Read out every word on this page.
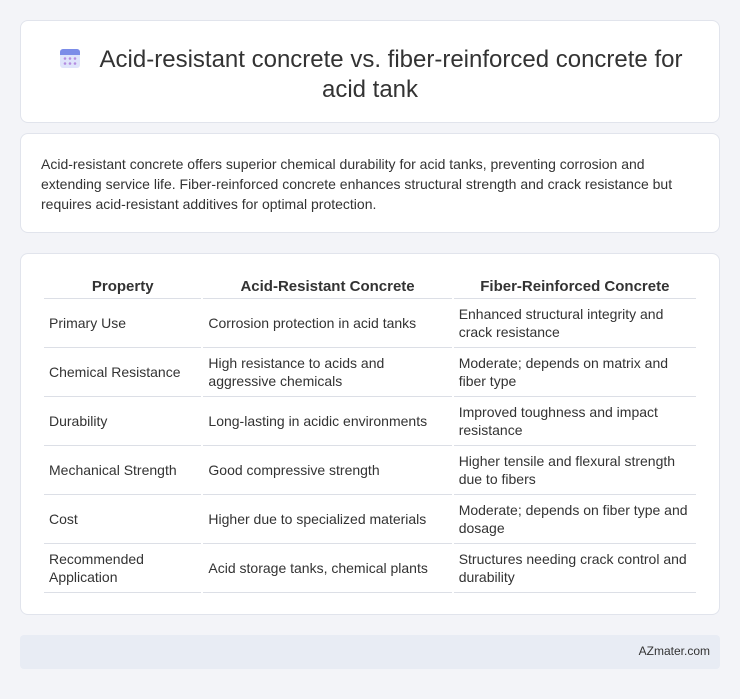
Acid-resistant concrete vs. fiber-reinforced concrete for acid tank

Acid-resistant concrete offers superior chemical durability for acid tanks, preventing corrosion and extending service life. Fiber-reinforced concrete enhances structural strength and crack resistance but requires acid-resistant additives for optimal protection.

Property	Acid-Resistant Concrete	Fiber-Reinforced Concrete
Primary Use	Corrosion protection in acid tanks	Enhanced structural integrity and crack resistance
Chemical Resistance	High resistance to acids and aggressive chemicals	Moderate; depends on matrix and fiber type
Durability	Long-lasting in acidic environments	Improved toughness and impact resistance
Mechanical Strength	Good compressive strength	Higher tensile and flexural strength due to fibers
Cost	Higher due to specialized materials	Moderate; depends on fiber type and dosage
Recommended Application	Acid storage tanks, chemical plants	Structures needing crack control and durability
AZmater.com
